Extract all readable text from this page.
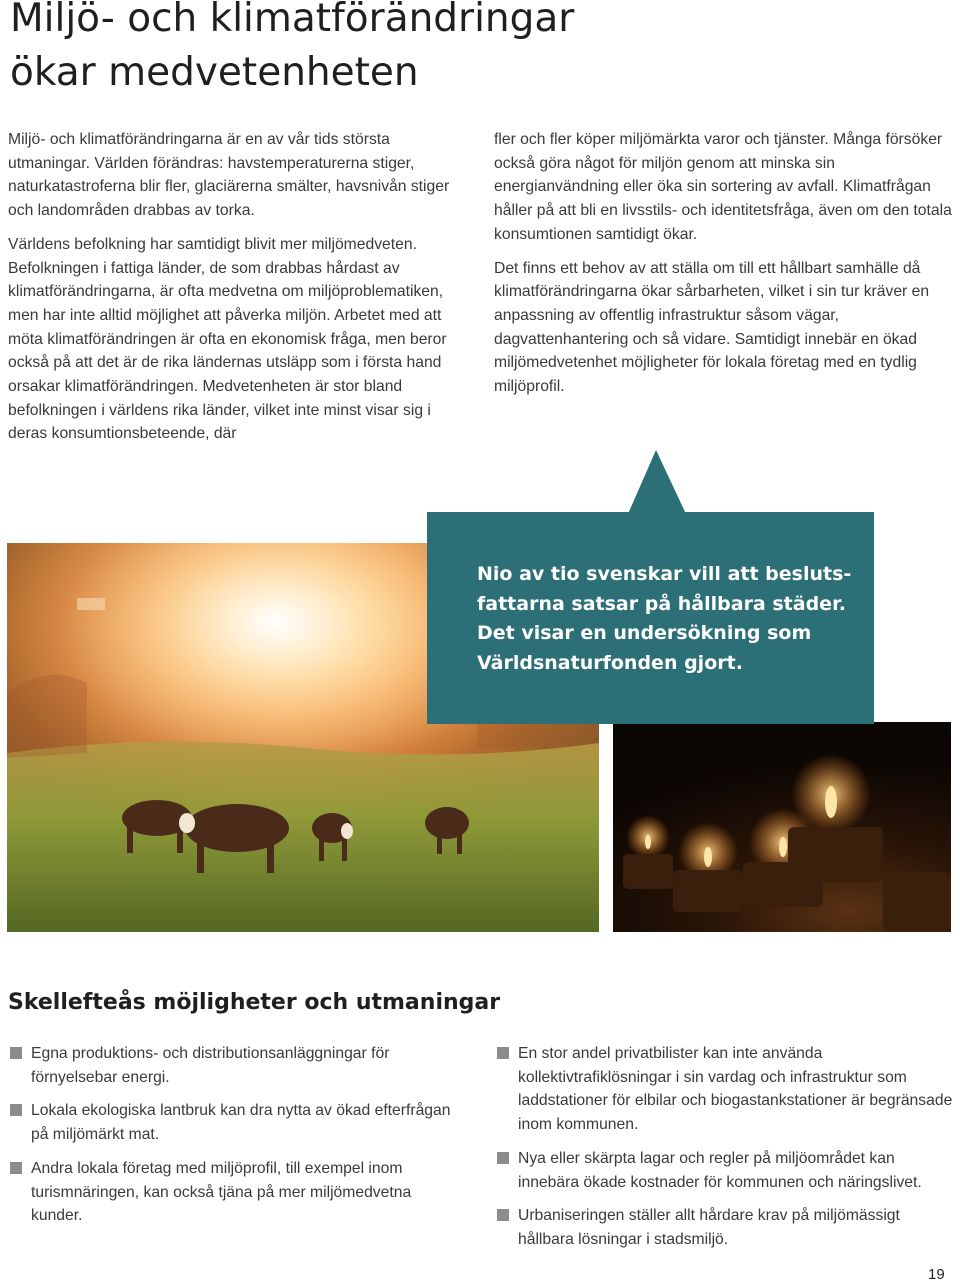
Miljö- och klimatförändringar
ökar medvetenheten

Miljö- och klimatförändringarna är en av vår tids största utmaningar. Världen förändras: havstemperaturerna stiger, naturkatastroferna blir fler, glaciärerna smälter, havsnivån stiger och landområden drabbas av torka.

Världens befolkning har samtidigt blivit mer miljömedveten. Befolkningen i fattiga länder, de som drabbas hårdast av klimatförändringarna, är ofta medvetna om miljöproblematiken, men har inte alltid möjlighet att påverka miljön. Arbetet med att möta klimatförändringen är ofta en ekonomisk fråga, men beror också på att det är de rika ländernas utsläpp som i första hand orsakar klimatförändringen. Medvetenheten är stor bland befolkningen i världens rika länder, vilket inte minst visar sig i deras konsumtionsbeteende, där

fler och fler köper miljömärkta varor och tjänster. Många försöker också göra något för miljön genom att minska sin energianvändning eller öka sin sortering av avfall. Klimatfrågan håller på att bli en livsstils- och identitetsfråga, även om den totala konsumtionen samtidigt ökar.

Det finns ett behov av att ställa om till ett hållbart samhälle då klimatförändringarna ökar sårbarheten, vilket i sin tur kräver en anpassning av offentlig infrastruktur såsom vägar, dagvattenhantering och så vidare. Samtidigt innebär en ökad miljömedvetenhet möjligheter för lokala företag med en tydlig miljöprofil.

Nio av tio svenskar vill att besluts-
fattarna satsar på hållbara städer.
Det visar en undersökning som
Världsnaturfonden gjort.
Skellefteås möjligheter och utmaningar
Egna produktions- och distributionsanläggningar för förnyelsebar energi.
Lokala ekologiska lantbruk kan dra nytta av ökad efterfrågan på miljömärkt mat.
Andra lokala företag med miljöprofil, till exempel inom turismnäringen, kan också tjäna på mer miljömedvetna kunder.
En stor andel privatbilister kan inte använda kollektivtrafiklösningar i sin vardag och infrastruktur som laddstationer för elbilar och biogastankstationer är begränsade inom kommunen.
Nya eller skärpta lagar och regler på miljöområdet kan innebära ökade kostnader för kommunen och näringslivet.
Urbaniseringen ställer allt hårdare krav på miljömässigt hållbara lösningar i stadsmiljö.
19
